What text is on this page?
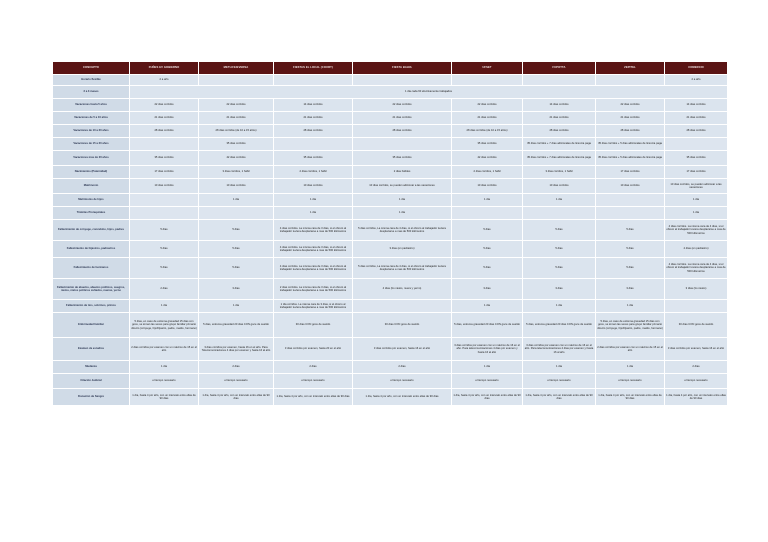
CONCEPTO	FUÑES EV GOBIERNO	METLIFE/EVERSA	FIESTAS EL LOCAL (COURT)	FIESTA BAHIA	UFSET	FUPOTTA	ZEPITEL	COMERCIO
Horario flexible	2 a año							2 a año
2 a 3 meses	1 día cada 60 efectivamente trabajados							
Vacaciones hasta 5 años	22 días corridos	22 días corridos	14 días corridos	22 días corridos	22 días corridos	14 días corridos	22 días corridos	14 días corridos
Vacaciones de 5 a 10 años	21 días corridos	21 días corridos	21 días corridos	21 días corridos	21 días corridos	21 días corridos	21 días corridos	21 días corridos
Vacaciones de 10 a 20 años	28 días corridos	28 días corridos (de 10 a 15 años)	28 días corridos	28 días corridos	28 días corridos (de 10 a 15 años)	28 días corridos	28 días corridos	28 días corridos
Vacaciones de 15 a 20 años		35 días corridos			35 días corridos	35 días corridos + 7 días adicionales de licencia paga	35 días corridos + 5 días adicionales de licencia paga	
Vacaciones mas de 20 años	35 días corridos	42 días corridos	35 días corridos	35 días corridos	42 días corridos	35 días corridos + 7 días adicionales de licencia paga	35 días corridos + 5 días adicionales de licencia paga	35 días corridos
Nacimientos (Paternidad)	17 días corridos	3 días corridos, 1 hábil	2 días corridos, 1 hábil	2 días hábiles	2 días corridos, 1 hábil	3 días corridos, 1 hábil	17 días corridos	17 días corridos
Matrimonio	10 días corridos	10 días corridos	10 días corridos	10 días corridos, se pueden adicionar a las vacaciones	10 días corridos	10 días corridos	10 días corridos	10 días corridos, se pueden adicionar a las vacaciones
Matrimonio de hijos		1 día	1 día	1 día	1 día	1 día		1 día
Trámites Prenupciales			1 día	1 día				1 día
Fallecimiento de cónyuge, concubino, hijos, padres	5 días	5 días	4 días corridos. La misma cara de 3 días, si el obrero al trabajador tuviera desplazarse a mas de 500 kilómetros	5 días corridos, La misma cara de 4 días, si el obrero al trabajador tuviera desplazarse a mas de 500 kilómetros	5 días	5 días	5 días	4 días corridos. La misma cara de 4 días, si el obrero al trabajador tuviera desplazarse a mas de 500 kilómetros
Fallecimiento de hijastros, padrastros	5 días	5 días	4 días corridos. La misma cara de 3 días, si el obrero al trabajador tuviera desplazarse a mas de 500 kilómetros	3 días (en padrastro)	5 días	5 días	5 días	4 días (en padrastro)
Fallecimiento de hermanos	5 días	5 días	4 días corridos. La misma cara de 3 días, si el obrero al trabajador tuviera desplazarse a mas de 500 kilómetros	5 días corridos, La misma cara de 4 días, si el obrero al trabajador tuviera desplazarse a mas de 500 kilómetros	5 días	5 días	5 días	4 días corridos. La misma cara de 4 días, si el obrero al trabajador tuviera desplazarse a mas de 500 kilómetros
Fallecimiento de abuelos, abuelos políticos, suegros, nietos, nietos políticos cuñados, nueras, yerno	2 días	3 días	2 días corridos. La misma cara de 3 días, si el obrero al trabajador tuviera desplazarse a mas de 500 kilómetros	4 días (tío nietos, nuera y yerno)	3 días	3 días	3 días	3 días (tío nietos)
Fallecimiento de tíos, sobrinos, primos	1 día	1 día	1 día corridos. La misma cara de 3 días, si el obrero al trabajador tuviera desplazarse a mas de 500 kilómetros		1 día	1 día	1 día	
Enfermedad familiar	5 días, en caso de extrema gravedad 15 días con goce, se toman las veces para grupo familiar primario directo (cónyuge, hijo/hijastro, padre, madre, hermano)	5 días, extrema gravedad 20 días CON goce de sueldo	30 días CON goce de sueldo	30 días CON goce de sueldo	5 días, extrema gravedad 20 días CON goce de sueldo	5 días, extrema gravedad 20 días CON goce de sueldo	5 días, en caso de extrema gravedad 15 días con goce, se toman las veces para grupo familiar primario directo (cónyuge, hijo/hijastro, padre, madre, hermano)	30 días CON goce de sueldo
Examen de estudios	2 días corridos por examen con un máximo de 15 en el año	3 días corridos por examen, hasta 16 en el año. Para Telecomunicaciones 4 días por examen y hasta 16 al año	3 días corridos por examen, hasta 20 en el año	3 días corridos por examen, hasta 16 en el año	3 días corridos por examen con un máximo de 16 en el año. Para telecomunicaciones 4 días por examen y hasta 16 al año	3 días corridos por examen con un máximo de 16 en el año. Para telecomunicaciones 4 días por examen y hasta 16 al año	2 días corridos por examen con un máximo de 15 en el año	3 días corridos por examen, hasta 16 en el año
Mudanza	1 día	2 días	2 días	2 días	1 día	1 día	1 día	2 días
Citación Judicial	el tiempo necesario	el tiempo necesario	el tiempo necesario	el tiempo necesario	el tiempo necesario	el tiempo necesario	el tiempo necesario	el tiempo necesario
Donación de Sangre	1 día, hasta 4 por año, con un intervalo entre ellas de 90 días	1 día, hasta 4 por año, con un intervalo entre ellas de 90 días	1 día, hasta 4 por año, con un intervalo entre ellas de 90 días	1 día, hasta 4 por año, con un intervalo entre ellas de 90 días	1 día, hasta 4 por año, con un intervalo entre ellas de 90 días	1 día, hasta 4 por año, con un intervalo entre ellas de 90 días	1 día, hasta 4 por año, con un intervalo entre ellas de 90 días	1 día, hasta 4 por año, con un intervalo entre ellas de 90 días
